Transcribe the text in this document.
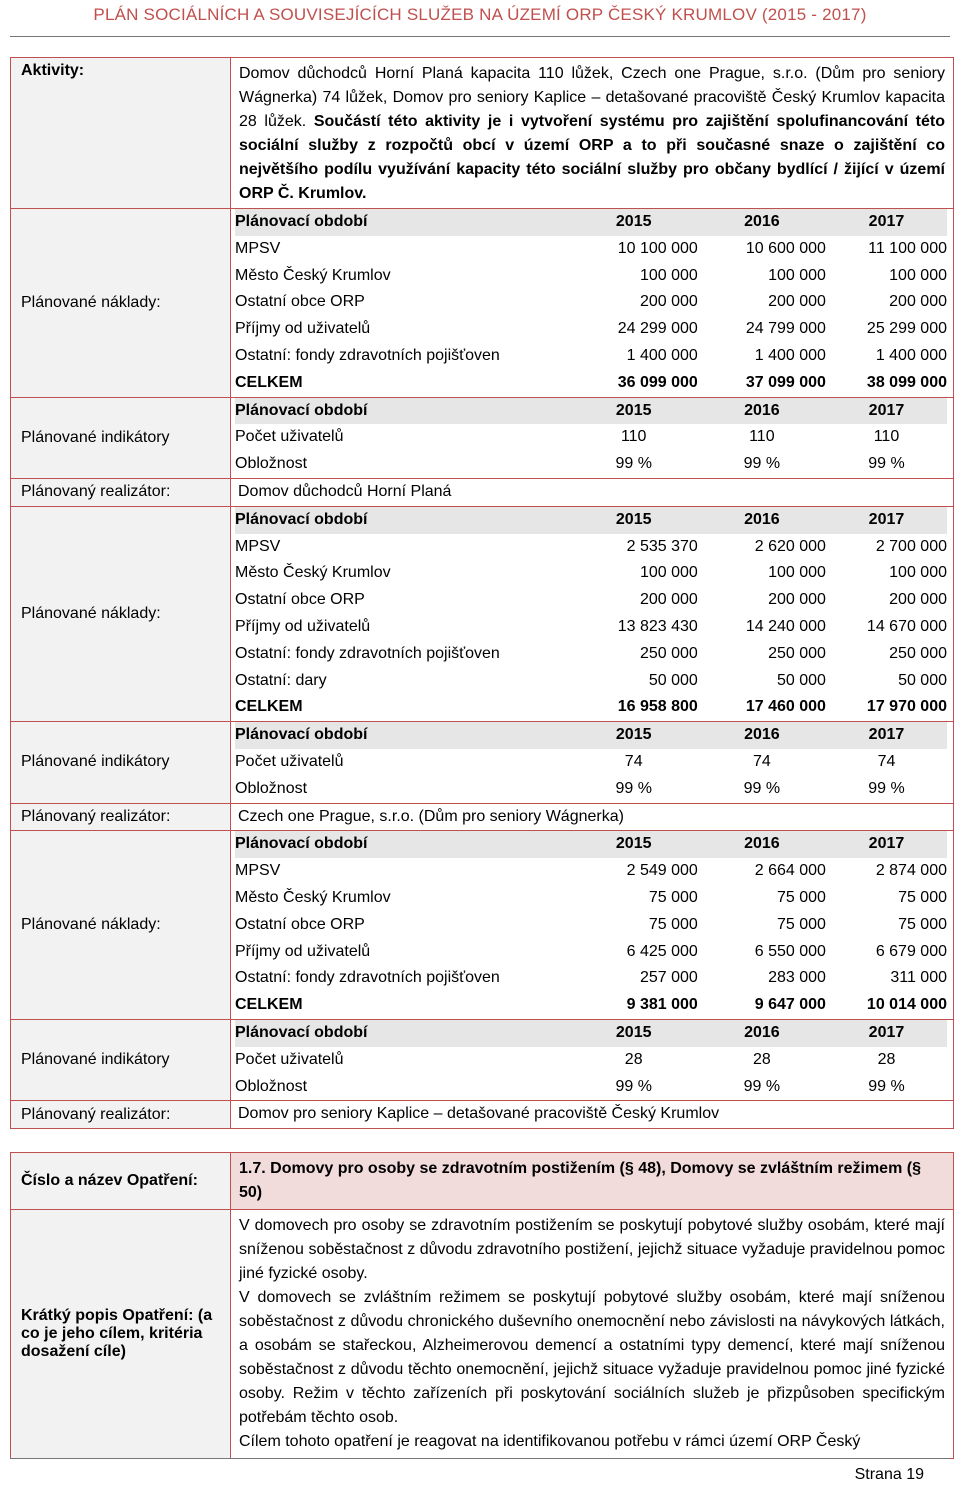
PLÁN SOCIÁLNÍCH A SOUVISEJÍCÍCH SLUŽEB NA ÚZEMÍ ORP ČESKÝ KRUMLOV (2015 - 2017)
Aktivity:	Domov důchodců Horní Planá kapacita 110 lůžek, Czech one Prague, s.r.o. (Dům pro seniory Wágnerka) 74 lůžek, Domov pro seniory Kaplice – detašované pracoviště Český Krumlov kapacita 28 lůžek. Součástí této aktivity je i vytvoření systému pro zajištění spolufinancování této sociální služby z rozpočtů obcí v území ORP a to při současné snaze o zajištění co největšího podílu využívání kapacity této sociální služby pro občany bydlící / žijící v území ORP Č. Krumlov.

Plánované náklady:

Plánovací období	2015	2016	2017
MPSV	10 100 000	10 600 000	11 100 000
Město Český Krumlov	100 000	100 000	100 000
Ostatní obce ORP	200 000	200 000	200 000
Příjmy od uživatelů	24 299 000	24 799 000	25 299 000
Ostatní: fondy zdravotních pojišťoven	1 400 000	1 400 000	1 400 000
CELKEM	36 099 000	37 099 000	38 099 000

Plánované indikátory

Plánovací období	2015	2016	2017
Počet uživatelů	110	110	110
Obložnost	99 %	99 %	99 %

Plánovaný realizátor:	Domov důchodců Horní Planá

Plánované náklady:

Plánovací období	2015	2016	2017
MPSV	2 535 370	2 620 000	2 700 000
Město Český Krumlov	100 000	100 000	100 000
Ostatní obce ORP	200 000	200 000	200 000
Příjmy od uživatelů	13 823 430	14 240 000	14 670 000
Ostatní: fondy zdravotních pojišťoven	250 000	250 000	250 000
Ostatní: dary	50 000	50 000	50 000
CELKEM	16 958 800	17 460 000	17 970 000

Plánované indikátory

Plánovací období	2015	2016	2017
Počet uživatelů	74	74	74
Obložnost	99 %	99 %	99 %

Plánovaný realizátor:	Czech one Prague, s.r.o. (Dům pro seniory Wágnerka)

Plánované náklady:

Plánovací období	2015	2016	2017
MPSV	2 549 000	2 664 000	2 874 000
Město Český Krumlov	75 000	75 000	75 000
Ostatní obce ORP	75 000	75 000	75 000
Příjmy od uživatelů	6 425 000	6 550 000	6 679 000
Ostatní: fondy zdravotních pojišťoven	257 000	283 000	311 000
CELKEM	9 381 000	9 647 000	10 014 000

Plánované indikátory

Plánovací období	2015	2016	2017
Počet uživatelů	28	28	28
Obložnost	99 %	99 %	99 %

Plánovaný realizátor:	Domov pro seniory Kaplice – detašované pracoviště Český Krumlov
Číslo a název Opatření:	1.7. Domovy pro osoby se zdravotním postižením (§ 48), Domovy se zvláštním režimem (§ 50)
Krátký popis Opatření: (a co je jeho cílem, kritéria dosažení cíle)	V domovech pro osoby se zdravotním postižením se poskytují pobytové služby osobám, které mají sníženou soběstačnost z důvodu zdravotního postižení, jejichž situace vyžaduje pravidelnou pomoc jiné fyzické osoby.
V domovech se zvláštním režimem se poskytují pobytové služby osobám, které mají sníženou soběstačnost z důvodu chronického duševního onemocnění nebo závislosti na návykových látkách, a osobám se stařeckou, Alzheimerovou demencí a ostatními typy demencí, které mají sníženou soběstačnost z důvodu těchto onemocnění, jejichž situace vyžaduje pravidelnou pomoc jiné fyzické osoby. Režim v těchto zařízeních při poskytování sociálních služeb je přizpůsoben specifickým potřebám těchto osob.
Cílem tohoto opatření je reagovat na identifikovanou potřebu v rámci území ORP Český
Strana 19
